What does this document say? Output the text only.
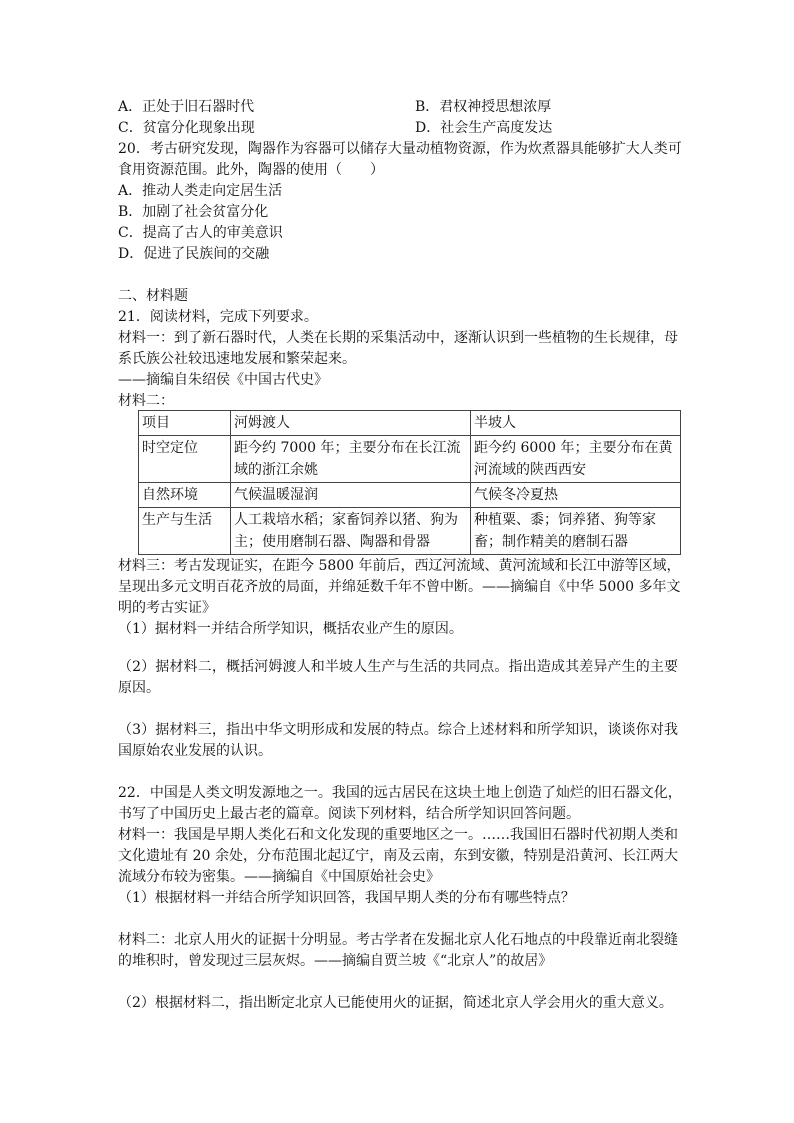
A．正处于旧石器时代	B．君权神授思想浓厚
C．贫富分化现象出现	D．社会生产高度发达
20．考古研究发现，陶器作为容器可以储存大量动植物资源，作为炊煮器具能够扩大人类可
食用资源范围。此外，陶器的使用（　　）
A．推动人类走向定居生活
B．加剧了社会贫富分化
C．提高了古人的审美意识
D．促进了民族间的交融
二、材料题
21．阅读材料，完成下列要求。
材料一：到了新石器时代，人类在长期的采集活动中，逐渐认识到一些植物的生长规律，母
系氏族公社较迅速地发展和繁荣起来。
——摘编自朱绍侯《中国古代史》
材料二：
项目	河姆渡人	半坡人
时空定位	距今约 7000 年；主要分布在长江流域的浙江余姚	距今约 6000 年；主要分布在黄河流域的陕西西安
自然环境	气候温暖湿润	气候冬冷夏热
生产与生活	人工栽培水稻；家畜饲养以猪、狗为主；使用磨制石器、陶器和骨器	种植粟、黍；饲养猪、狗等家畜；制作精美的磨制石器
材料三：考古发现证实，在距今 5800 年前后，西辽河流域、黄河流域和长江中游等区域，
呈现出多元文明百花齐放的局面，并绵延数千年不曾中断。——摘编自《中华 5000 多年文
明的考古实证》
（1）据材料一并结合所学知识，概括农业产生的原因。
（2）据材料二，概括河姆渡人和半坡人生产与生活的共同点。指出造成其差异产生的主要
原因。
（3）据材料三，指出中华文明形成和发展的特点。综合上述材料和所学知识，谈谈你对我
国原始农业发展的认识。
22．中国是人类文明发源地之一。我国的远古居民在这块土地上创造了灿烂的旧石器文化，
书写了中国历史上最古老的篇章。阅读下列材料，结合所学知识回答问题。
材料一：我国是早期人类化石和文化发现的重要地区之一。……我国旧石器时代初期人类和
文化遗址有 20 余处，分布范围北起辽宁，南及云南，东到安徽，特别是沿黄河、长江两大
流域分布较为密集。——摘编自《中国原始社会史》
（1）根据材料一并结合所学知识回答，我国早期人类的分布有哪些特点？
材料二：北京人用火的证据十分明显。考古学者在发掘北京人化石地点的中段靠近南北裂缝
的堆积时，曾发现过三层灰烬。——摘编自贾兰坡《“北京人”的故居》
（2）根据材料二，指出断定北京人已能使用火的证据，简述北京人学会用火的重大意义。
